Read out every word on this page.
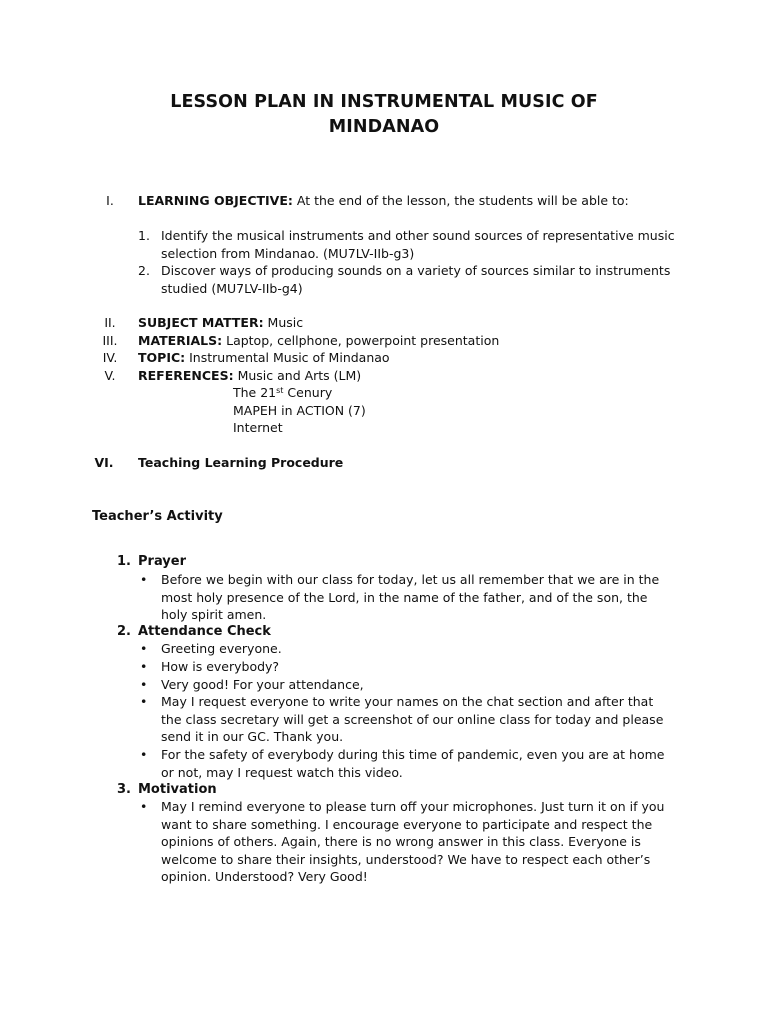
LESSON PLAN IN INSTRUMENTAL MUSIC OF
MINDANAO
I.	LEARNING OBJECTIVE: At the end of the lesson, the students will be able to:
1. Identify the musical instruments and other sound sources of representative music selection from Mindanao. (MU7LV-IIb-g3)
2. Discover ways of producing sounds on a variety of sources similar to instruments studied (MU7LV-IIb-g4)
II.	SUBJECT MATTER: Music
III.	MATERIALS: Laptop, cellphone, powerpoint presentation
IV.	TOPIC: Instrumental Music of Mindanao
V.	REFERENCES: Music and Arts (LM)
The 21st Cenury
MAPEH in ACTION (7)
Internet
VI.	Teaching Learning Procedure
Teacher’s Activity
1. Prayer
• Before we begin with our class for today, let us all remember that we are in the most holy presence of the Lord, in the name of the father, and of the son, the holy spirit amen.
2. Attendance Check
• Greeting everyone.
• How is everybody?
• Very good! For your attendance,
• May I request everyone to write your names on the chat section and after that the class secretary will get a screenshot of our online class for today and please send it in our GC. Thank you.
• For the safety of everybody during this time of pandemic, even you are at home or not, may I request watch this video.
3. Motivation
• May I remind everyone to please turn off your microphones. Just turn it on if you want to share something. I encourage everyone to participate and respect the opinions of others. Again, there is no wrong answer in this class. Everyone is welcome to share their insights, understood? We have to respect each other’s opinion. Understood? Very Good!
